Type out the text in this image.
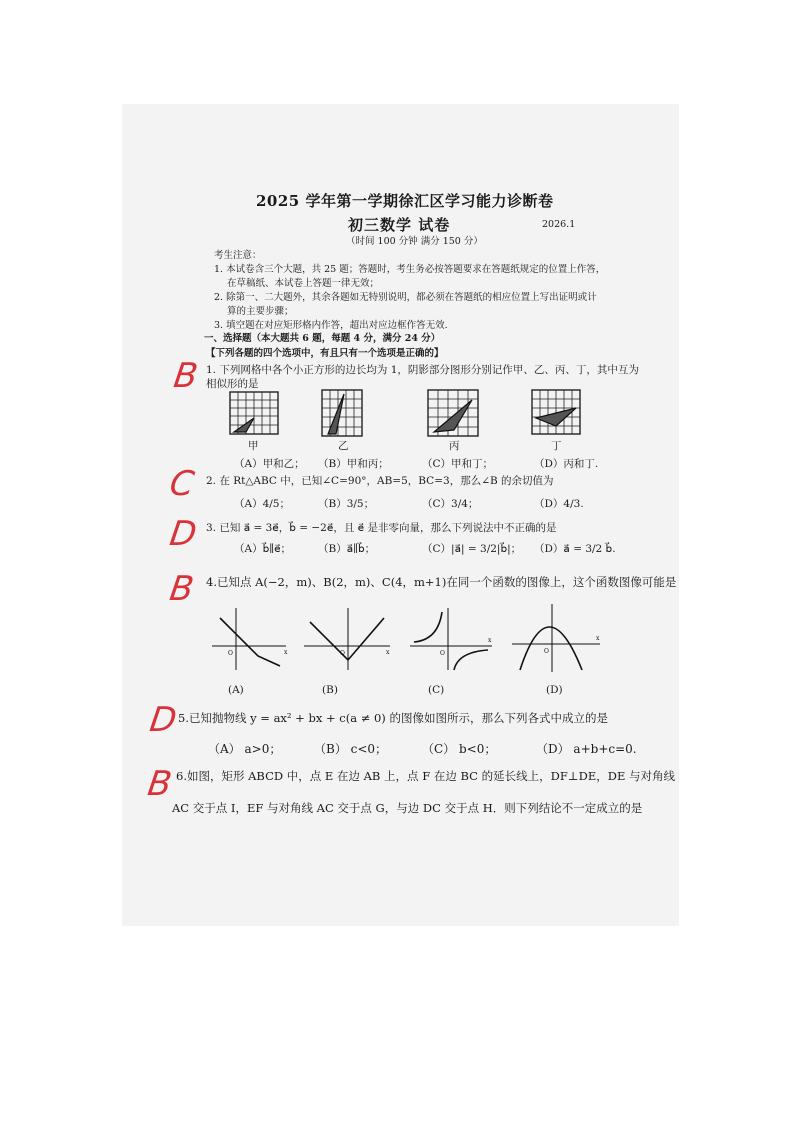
2025 学年第一学期徐汇区学习能力诊断卷
初三数学 试卷	2026.1
（时间 100 分钟 满分 150 分）
考生注意：
1. 本试卷含三个大题，共 25 题；答题时，考生务必按答题要求在答题纸规定的位置上作答，
在草稿纸、本试卷上答题一律无效；
2. 除第一、二大题外，其余各题如无特别说明，都必须在答题纸的相应位置上写出证明或计
算的主要步骤；
3. 填空题在对应矩形格内作答，超出对应边框作答无效.
一、选择题（本大题共 6 题，每题 4 分，满分 24 分）
【下列各题的四个选项中，有且只有一个选项是正确的】
B 1. 下列网格中各个小正方形的边长均为 1，阴影部分图形分别记作甲、乙、丙、丁，其中互为
相似形的是
甲	乙	丙	丁
（A）甲和乙； （B）甲和丙；	（C）甲和丁；	（D）丙和丁.
C 2. 在 Rt△ABC 中，已知∠C=90°，AB=5，BC=3，那么∠B 的余切值为
（A）4/5；	（B）3/5；	（C）3/4；	（D）4/3.
D 3. 已知 a⃗ = 3e⃗，b⃗ = −2e⃗，且 e⃗ 是非零向量，那么下列说法中不正确的是
（A）b⃗∥e⃗；	（B）a⃗∥b⃗；	（C）|a⃗| = 3/2|b⃗|； （D）a⃗ = 3/2 b⃗.
B 4.已知点 A(−2，m)、B(2，m)、C(4，m+1)在同一个函数的图像上，这个函数图像可能是
O	x	O	x	O
x
O
x
(A)	(B)	(C)	(D)
D 5.已知抛物线 y = ax² + bx + c(a ≠ 0) 的图像如图所示，那么下列各式中成立的是
（A） a>0；	（B） c<0；	（C） b<0；	（D） a+b+c=0.
B 6.如图，矩形 ABCD 中，点 E 在边 AB 上，点 F 在边 BC 的延长线上，DF⊥DE，DE 与对角线
AC 交于点 I，EF 与对角线 AC 交于点 G，与边 DC 交于点 H．则下列结论不一定成立的是
